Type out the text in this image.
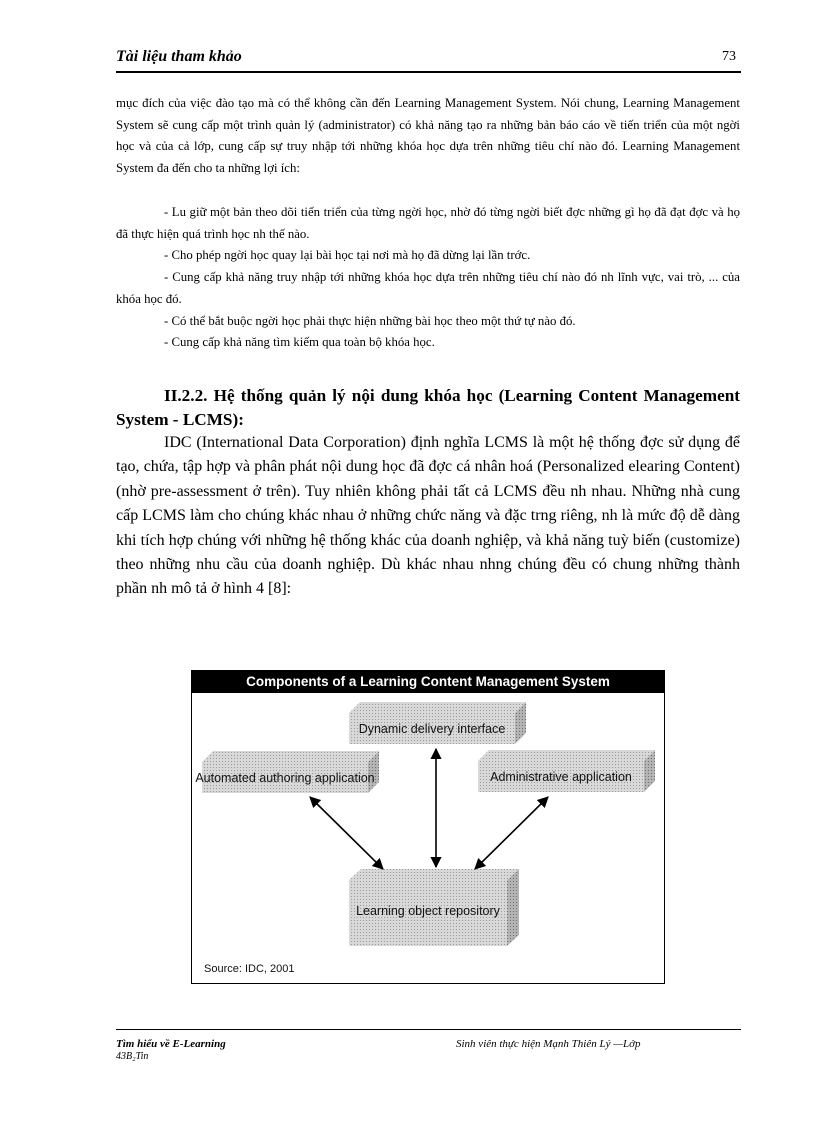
Tài liệu tham khảo	73

mục đích của việc đào tạo mà có thể không cần đến Learning Management System. Nói chung, Learning Management System sẽ cung cấp một trình quản lý (administrator) có khả năng tạo ra những bản báo cáo về tiến triển của một ngời học và của cả lớp, cung cấp sự truy nhập tới những khóa học dựa trên những tiêu chí nào đó. Learning Management System đa đến cho ta những lợi ích:

- Lu giữ một bản theo dõi tiến triển của từng ngời học, nhờ đó từng ngời biết đợc những gì họ đã đạt đợc và họ đã thực hiện quá trình học nh thế nào.

- Cho phép ngời học quay lại bài học tại nơi mà họ đã dừng lại lần trớc.

- Cung cấp khả năng truy nhập tới những khóa học dựa trên những tiêu chí nào đó nh lĩnh vực, vai trò, ... của khóa học đó.

- Có thể bắt buộc ngời học phải thực hiện những bài học theo một thứ tự nào đó.

- Cung cấp khả năng tìm kiếm qua toàn bộ khóa học.

II.2.2. Hệ thống quản lý nội dung khóa học (Learning Content Management System - LCMS):

IDC (International Data Corporation) định nghĩa LCMS là một hệ thống đợc sử dụng để tạo, chứa, tập hợp và phân phát nội dung học đã đợc cá nhân hoá (Personalized elearing Content) (nhờ pre-assessment ở trên). Tuy nhiên không phải tất cả LCMS đều nh nhau. Những nhà cung cấp LCMS làm cho chúng khác nhau ở những chức năng và đặc trng riêng, nh là mức độ dễ dàng khi tích hợp chúng với những hệ thống khác của doanh nghiệp, và khả năng tuỳ biến (customize) theo những nhu cầu của doanh nghiệp. Dù khác nhau nhng chúng đều có chung những thành phần nh mô tả ở hình 4 [8]:

Components of a Learning Content Management System
Dynamic delivery interface
Automated authoring application	Administrative application
Learning object repository
Source: IDC, 2001
Tìm hiểu về E-Learning
43B₂Tin
Sinh viên thực hiện Mạnh Thiên Lý —Lớp
